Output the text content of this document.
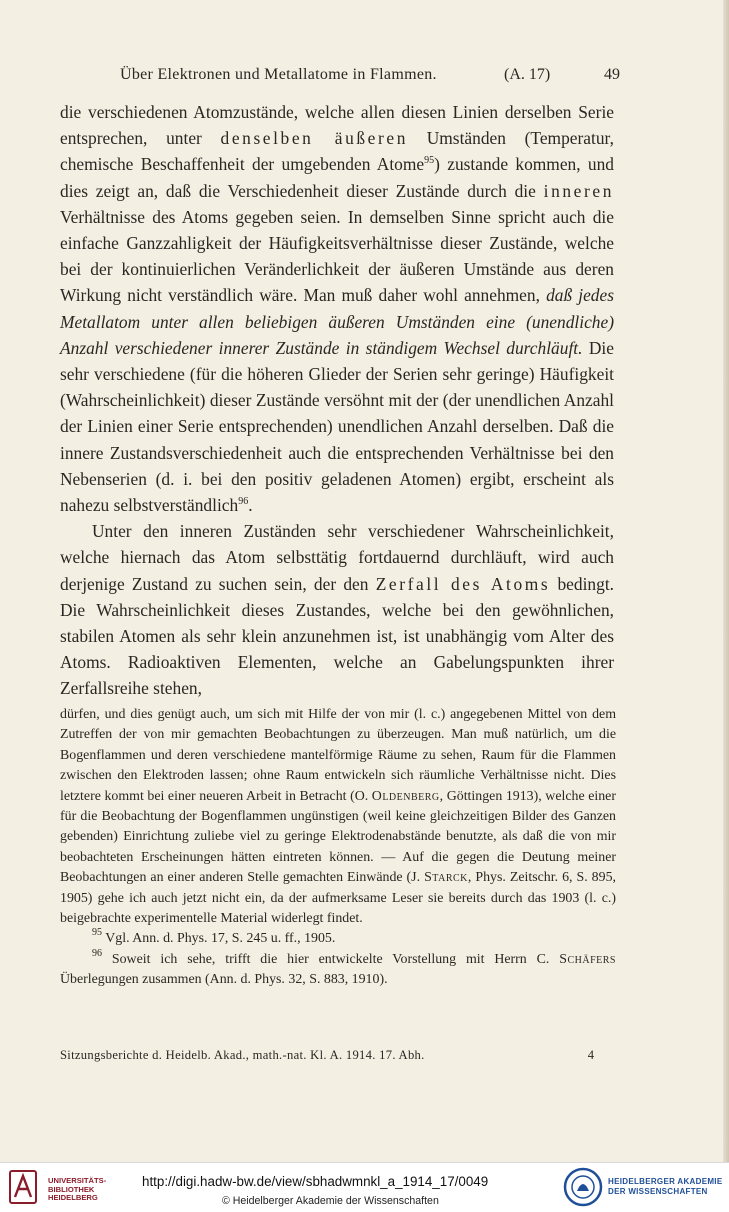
Über Elektronen und Metallatome in Flammen.	(A. 17)	49

die verschiedenen Atomzustände, welche allen diesen Linien derselben Serie entsprechen, unter denselben äußeren Umständen (Temperatur, chemische Beschaffenheit der umgebenden Atome$^{95}$) zustande kommen, und dies zeigt an, daß die Verschiedenheit dieser Zustände durch die inneren Verhältnisse des Atoms gegeben seien. In demselben Sinne spricht auch die einfache Ganzzahligkeit der Häufigkeitsverhältnisse dieser Zustände, welche bei der kontinuierlichen Veränderlichkeit der äußeren Umstände aus deren Wirkung nicht verständlich wäre. Man muß daher wohl annehmen, daß jedes Metallatom unter allen beliebigen äußeren Umständen eine (unendliche) Anzahl verschiedener innerer Zustände in ständigem Wechsel durchläuft. Die sehr verschiedene (für die höheren Glieder der Serien sehr geringe) Häufigkeit (Wahrscheinlichkeit) dieser Zustände versöhnt mit der (der unendlichen Anzahl der Linien einer Serie entsprechenden) unendlichen Anzahl derselben. Daß die innere Zustandsverschiedenheit auch die entsprechenden Verhältnisse bei den Nebenserien (d. i. bei den positiv geladenen Atomen) ergibt, erscheint als nahezu selbstverständlich$^{96}$.

Unter den inneren Zuständen sehr verschiedener Wahrscheinlichkeit, welche hiernach das Atom selbsttätig fortdauernd durchläuft, wird auch derjenige Zustand zu suchen sein, der den Zerfall des Atoms bedingt. Die Wahrscheinlichkeit dieses Zustandes, welche bei den gewöhnlichen, stabilen Atomen als sehr klein anzunehmen ist, ist unabhängig vom Alter des Atoms. Radioaktiven Elementen, welche an Gabelungspunkten ihrer Zerfallsreihe stehen,

dürfen, und dies genügt auch, um sich mit Hilfe der von mir (l. c.) angegebenen Mittel von dem Zutreffen der von mir gemachten Beobachtungen zu überzeugen. Man muß natürlich, um die Bogenflammen und deren verschiedene mantelförmige Räume zu sehen, Raum für die Flammen zwischen den Elektroden lassen; ohne Raum entwickeln sich räumliche Verhältnisse nicht. Dies letztere kommt bei einer neueren Arbeit in Betracht (O. Oldenberg, Göttingen 1913), welche einer für die Beobachtung der Bogenflammen ungünstigen (weil keine gleichzeitigen Bilder des Ganzen gebenden) Einrichtung zuliebe viel zu geringe Elektrodenabstände benutzte, als daß die von mir beobachteten Erscheinungen hätten eintreten können. — Auf die gegen die Deutung meiner Beobachtungen an einer anderen Stelle gemachten Einwände (J. Starck, Phys. Zeitschr. 6, S. 895, 1905) gehe ich auch jetzt nicht ein, da der aufmerksame Leser sie bereits durch das 1903 (l. c.) beigebrachte experimentelle Material widerlegt findet.

$^{95}$ Vgl. Ann. d. Phys. 17, S. 245 u. ff., 1905.

$^{96}$ Soweit ich sehe, trifft die hier entwickelte Vorstellung mit Herrn C. Schäfers Überlegungen zusammen (Ann. d. Phys. 32, S. 883, 1910).

Sitzungsberichte d. Heidelb. Akad., math.-nat. Kl. A. 1914. 17. Abh.	4
UNIVERSITÄTS-
BIBLIOTHEK
HEIDELBERG
http://digi.hadw-bw.de/view/sbhadwmnkl_a_1914_17/0049
© Heidelberger Akademie der Wissenschaften
HEIDELBERGER AKADEMIE
DER WISSENSCHAFTEN
